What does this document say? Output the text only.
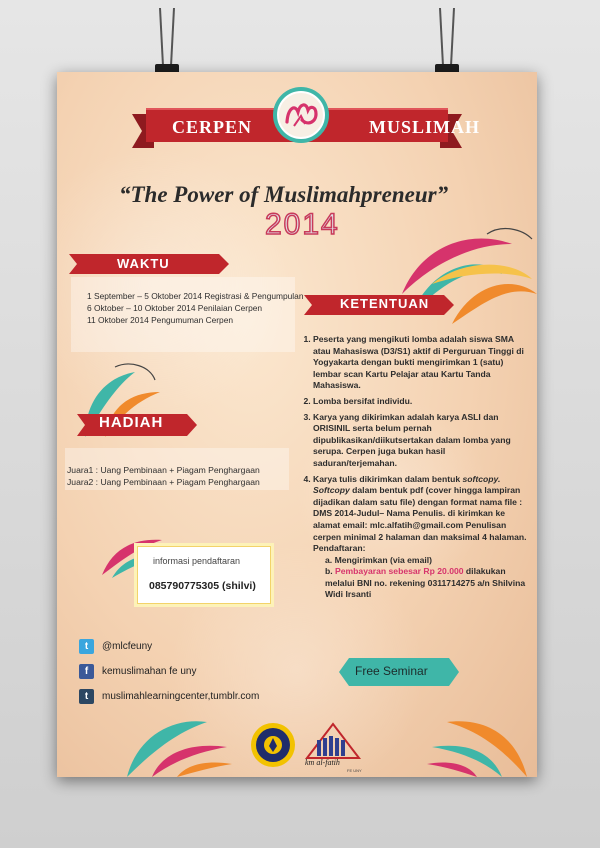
CERPEN	MUSLIMAH
“The Power of Muslimahpreneur”
2014
WAKTU
1 September – 5 Oktober 2014 Registrasi & Pengumpulan
6 Oktober – 10 Oktober 2014 Penilaian Cerpen
11 Oktober 2014 Pengumuman Cerpen
KETENTUAN
1. Peserta yang mengikuti lomba adalah siswa SMA atau Mahasiswa (D3/S1) aktif di Perguruan Tinggi di Yogyakarta dengan bukti mengirimkan 1 (satu) lembar scan Kartu Pelajar atau Kartu Tanda Mahasiswa.
2. Lomba bersifat individu.
3. Karya yang dikirimkan adalah karya ASLI dan ORISINIL serta belum pernah dipublikasikan/diikutsertakan dalam lomba yang serupa. Cerpen juga bukan hasil saduran/terjemahan.
4. Karya tulis dikirimkan dalam bentuk softcopy.
Softcopy dalam bentuk pdf (cover hingga lampiran dijadikan dalam satu file) dengan format nama file : DMS 2014-Judul– Nama Penulis. di kirimkan ke alamat email: mlc.alfatih@gmail.com Penulisan cerpen minimal 2 halaman dan maksimal 4 halaman. Pendaftaran:
a. Mengirimkan (via email)
b. Pembayaran sebesar Rp 20.000 dilakukan melalui BNI no. rekening 0311714275 a/n Shilvina Widi Irsanti
HADIAH
Juara1 : Uang Pembinaan + Piagam Penghargaan
Juara2 : Uang Pembinaan + Piagam Penghargaan
informasi pendaftaran
085790775305 (shilvi)
Free Seminar
t	@mlcfeuny
f	kemuslimahan fe uny
t	muslimahlearningcenter,tumblr.com
km al-fatih
FE UNY
